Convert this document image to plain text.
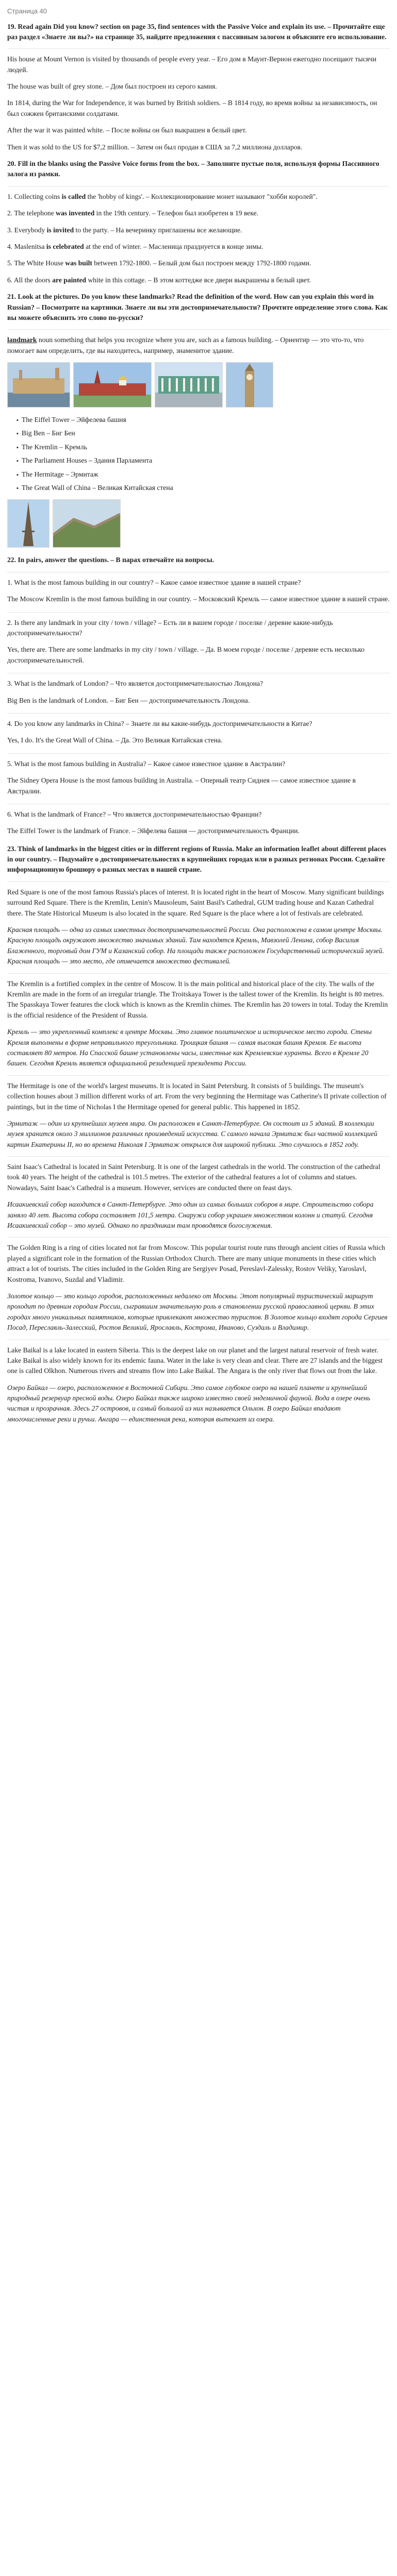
Страница 40

19. Read again Did you know? section on page 35, find sentences with the Passive Voice and explain its use. – Прочитайте еще раз раздел «Знаете ли вы?» на странице 35, найдите предложения с пассивным залогом и объясните его использование.

His house at Mount Vernon is visited by thousands of people every year. – Его дом в Маунт-Вернон ежегодно посещают тысячи людей.

The house was built of grey stone. – Дом был построен из серого камня.

In 1814, during the War for Independence, it was burned by British soldiers. – В 1814 году, во время войны за независимость, он был сожжен британскими солдатами.

After the war it was painted white. – После войны он был выкрашен в белый цвет.

Then it was sold to the US for $7,2 million. – Затем он был продан в США за 7,2 миллиона долларов.

20. Fill in the blanks using the Passive Voice forms from the box. – Заполните пустые поля, используя формы Пассивного залога из рамки.

1. Collecting coins is called the 'hobby of kings'. – Коллекционирование монет называют "хобби королей".

2. The telephone was invented in the 19th century. – Телефон был изобретен в 19 веке.

3. Everybody is invited to the party. – На вечеринку приглашены все желающие.

4. Maslenitsa is celebrated at the end of winter. – Масленица празднуется в конце зимы.

5. The White House was built between 1792-1800. – Белый дом был построен между 1792-1800 годами.

6. All the doors are painted white in this cottage. – В этом коттедже все двери выкрашены в белый цвет.

21. Look at the pictures. Do you know these landmarks? Read the definition of the word. How can you explain this word in Russian? – Посмотрите на картинки. Знаете ли вы эти достопримечательности? Прочтите определение этого слова. Как вы можете объяснить это слово по-русски?

landmark noun something that helps you recognize where you are, such as a famous building. – Ориентир — это что-то, что помогает вам определить, где вы находитесь, например, знаменитое здание.

▪ The Eiffel Tower – Эйфелева башня
▪ Big Ben – Биг Бен
▪ The Kremlin – Кремль
▪ The Parliament Houses – Здания Парламента
▪ The Hermitage – Эрмитаж
▪ The Great Wall of China – Великая Китайская стена

22. In pairs, answer the questions. – В парах отвечайте на вопросы.

1. What is the most famous building in our country? – Какое самое известное здание в нашей стране?

The Moscow Kremlin is the most famous building in our country. – Московский Кремль — самое известное здание в нашей стране.

2. Is there any landmark in your city / town / village? – Есть ли в вашем городе / поселке / деревне какие-нибудь достопримечательности?

Yes, there are. There are some landmarks in my city / town / village. – Да. В моем городе / поселке / деревне есть несколько достопримечательностей.

3. What is the landmark of London? – Что является достопримечательностью Лондона?

Big Ben is the landmark of London. – Биг Бен — достопримечательность Лондона.

4. Do you know any landmarks in China? – Знаете ли вы какие-нибудь достопримечательности в Китае?

Yes, I do. It's the Great Wall of China. – Да. Это Великая Китайская стена.

5. What is the most famous building in Australia? – Какое самое известное здание в Австралии?

The Sidney Opera House is the most famous building in Australia. – Оперный театр Сиднея — самое известное здание в Австралии.

6. What is the landmark of France? – Что является достопримечательностью Франции?

The Eiffel Tower is the landmark of France. – Эйфелева башня — достопримечательность Франции.

23. Think of landmarks in the biggest cities or in different regions of Russia. Make an information leaflet about different places in our country. – Подумайте о достопримечательностях в крупнейших городах или в разных регионах России. Сделайте информационную брошюру о разных местах в нашей стране.

Red Square is one of the most famous Russia's places of interest. It is located right in the heart of Moscow. Many significant buildings surround Red Square. There is the Kremlin, Lenin's Mausoleum, Saint Basil's Cathedral, GUM trading house and Kazan Cathedral there. The State Historical Museum is also located in the square. Red Square is the place where a lot of festivals are celebrated.

Красная площадь — одна из самых известных достопримечательностей России. Она расположена в самом центре Москвы. Красную площадь окружают множество значимых зданий. Там находятся Кремль, Мавзолей Ленина, собор Василия Блаженного, торговый дом ГУМ и Казанский собор. На площади также расположен Государственный исторический музей. Красная площадь — это место, где отмечается множество фестивалей.

The Kremlin is a fortified complex in the centre of Moscow. It is the main political and historical place of the city. The walls of the Kremlin are made in the form of an irregular triangle. The Troitskaya Tower is the tallest tower of the Kremlin. Its height is 80 metres. The Spasskaya Tower features the clock which is known as the Kremlin chimes. The Kremlin has 20 towers in total. Today the Kremlin is the official residence of the President of Russia.

Кремль — это укрепленный комплекс в центре Москвы. Это главное политическое и историческое место города. Стены Кремля выполнены в форме неправильного треугольника. Троицкая башня — самая высокая башня Кремля. Ее высота составляет 80 метров. На Спасской башне установлены часы, известные как Кремлевские куранты. Всего в Кремле 20 башен. Сегодня Кремль является официальной резиденцией президента России.

The Hermitage is one of the world's largest museums. It is located in Saint Petersburg. It consists of 5 buildings. The museum's collection houses about 3 million different works of art. From the very beginning the Hermitage was Catherine's II private collection of paintings, but in the time of Nicholas I the Hermitage opened for general public. This happened in 1852.

Эрмитаж — один из крупнейших музеев мира. Он расположен в Санкт-Петербурге. Он состоит из 5 зданий. В коллекции музея хранится около 3 миллионов различных произведений искусства. С самого начала Эрмитаж был частной коллекцией картин Екатерины II, но во времена Николая I Эрмитаж открылся для широкой публики. Это случилось в 1852 году.

Saint Isaac's Cathedral is located in Saint Petersburg. It is one of the largest cathedrals in the world. The construction of the cathedral took 40 years. The height of the cathedral is 101.5 metres. The exterior of the cathedral features a lot of columns and statues. Nowadays, Saint Isaac's Cathedral is a museum. However, services are conducted there on feast days.

Исаакиевский собор находится в Санкт-Петербурге. Это один из самых больших соборов в мире. Строительство собора заняло 40 лет. Высота собора составляет 101,5 метра. Снаружи собор украшен множеством колонн и статуй. Сегодня Исаакиевский собор – это музей. Однако по праздникам там проводятся богослужения.

The Golden Ring is a ring of cities located not far from Moscow. This popular tourist route runs through ancient cities of Russia which played a significant role in the formation of the Russian Orthodox Church. There are many unique monuments in these cities which attract a lot of tourists. The cities included in the Golden Ring are Sergiyev Posad, Pereslavl-Zalessky, Rostov Veliky, Yaroslavl, Kostroma, Ivanovo, Suzdal and Vladimir.

Золотое кольцо — это кольцо городов, расположенных недалеко от Москвы. Этот популярный туристический маршрут проходит по древним городам России, сыгравшим значительную роль в становлении русской православной церкви. В этих городах много уникальных памятников, которые привлекают множество туристов. В Золотое кольцо входят города Сергиев Посад, Переславль-Залесский, Ростов Великий, Ярославль, Кострома, Иваново, Суздаль и Владимир.

Lake Baikal is a lake located in eastern Siberia. This is the deepest lake on our planet and the largest natural reservoir of fresh water. Lake Baikal is also widely known for its endemic fauna. Water in the lake is very clean and clear. There are 27 islands and the biggest one is called Olkhon. Numerous rivers and streams flow into Lake Baikal. The Angara is the only river that flows out from the lake.

Озеро Байкал — озеро, расположенное в Восточной Сибири. Это самое глубокое озеро на нашей планете и крупнейший природный резервуар пресной воды. Озеро Байкал также широко известно своей эндемичной фауной. Вода в озере очень чистая и прозрачная. Здесь 27 островов, и самый большой из них называется Ольхон. В озеро Байкал впадают многочисленные реки и ручьи. Ангара — единственная река, которая вытекает из озера.
